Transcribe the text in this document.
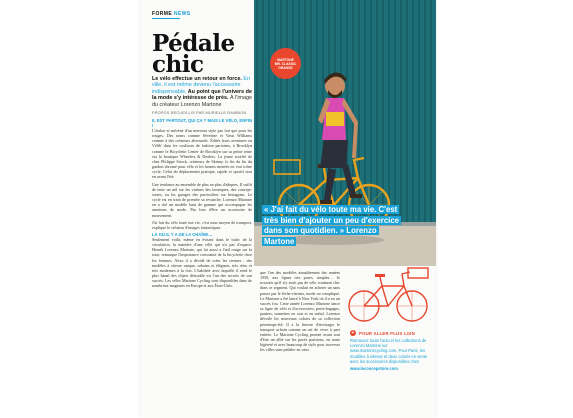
FORME NEWS
Pédale chic

Le vélo effectue un retour en force. En ville, il est même devenu l'accessoire indispensable. Au point que l'univers de la mode s'y intéresse de près. À l'image du créateur Lorenzo Martone

PROPOS RECUEILLIS PAR MURIELLE RAMBION
IL EST PARTOUT, QUI ÇA ? MAIS LE VÉLO, ENFIN !

L'étalon et mécène d'un nouveau style pas fait que pour les rouges. Des noms comme Sévérine et Vassi Williams comme à des créateurs alternatifs. Édités leurs aventures en Vélib' dans les coulisses de fashion parisiens, à Brooklyn comme le Bicyclette Center de Brooklyn sur sa petite reine via la boutique Wheelers & Dealers. La jeune société de chez Philippe Starck, créateurs de Skinny, le fin du fin du guidon chromé pour vélo et les brunes menées en vrai icône cycle. Celui du déplacement pratique, rapide et sportif sera en avant l'été.

Une tendance au ensemble de plus en plus d'adeptes. Il suffit de tenir un œil sur les vitrines des boutiques, des concept-stores, ou les garages des particuliers sur Instagram. Le cycle est en train de prendre sa revanche. Lorenzo Martone en a tiré un modèle haut de gamme qui accompagne les amateurs de mode. Pas loin d'être un accessoire de mouvement.

J'ai fait du vélo toute ma vie, c'est mon moyen de transport, explique le créateur d'images fantastiques.

LÀ OÙ IL Y A DE LA CHAÎNE…

Seulement voilà, même en évitant dans le trafic de la circulation, la manière d'une ville qui n'a pas d'espace. Henrik Lorenzo Martone, qui lui aussi a l'œil rouge sur la roue, remarque l'importance croissante de la bicyclette chez les femmes. Alors il a décidé de créer les siennes : des modèles à vitesse unique, urbains et élégants, très rétro et très modernes à la fois. L'habileté avec laquelle il rend le plus banal des objets désirable est l'un des secrets de son succès. Les vélos Martone Cycling sont disponibles dans de nombreux magasins en Europe et aux États-Unis.

que l'un des modèles aimablement des années 1950, aux lignes très pures, simples… Je trouvais qu'il n'y avait pas de vélo vraiment chic dans ce segment. Qui voulait en acheter un sans passer par le lèche-vitrines, mode ou compliqué. Le Martone a été lancé à New York où il a eu un succès fou. Cette année Lorenzo Martone lance sa ligne de vélo et d'accessoires, porte-bagages, paniers, sonnettes en cuir et en métal. Lorenzo dévoile les nouveaux coloris de sa collection printemps-été. Il a la finesse d'envisager le transport urbain comme un art de vivre à part entière. Le Martone Cycling promet avant tout d'être un allié sur les pavés parisiens, en toute légèreté et avec beaucoup de style pour traverser les villes sans pédaler en vain.

« J'ai fait du vélo toute ma vie. C'est très bien d'ajouter un peu d'exercice dans son quotidien. » Lorenzo Martone
+	POUR ALLER PLUS LOIN

Retrouvez toute l'actu et les collections de Lorenzo Martone sur www.martonecycling.com. Pour Paris, les modèles à vitesse et deux coloris en vente avec les accessoires disponibles chez

www.leconcepstore.com

MARTONE
MR. CLASSIC
ORANGE
